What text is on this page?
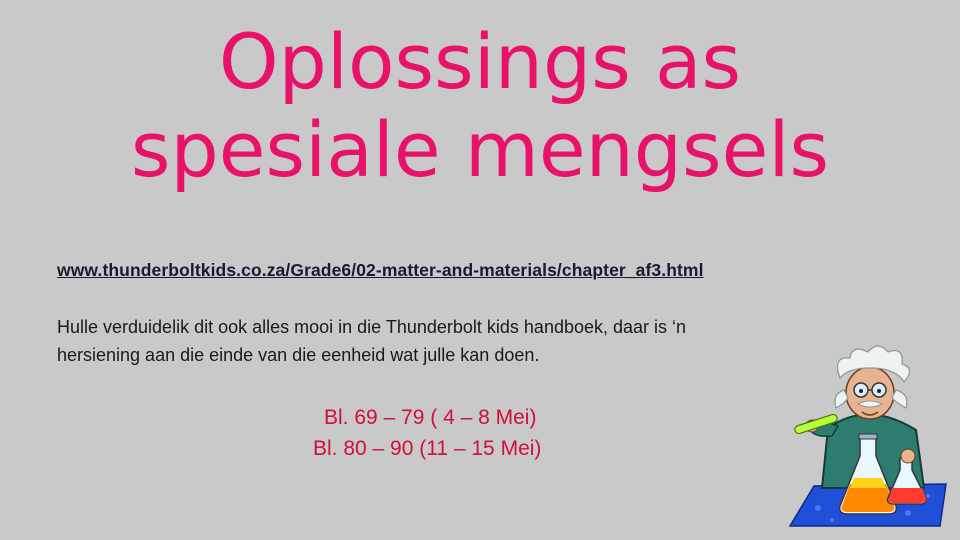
Oplossings as
spesiale mengsels
www.thunderboltkids.co.za/Grade6/02-matter-and-materials/chapter_af3.html
Hulle verduidelik dit ook alles mooi in die Thunderbolt kids handboek, daar is ‘n
hersiening aan die einde van die eenheid wat julle kan doen.
Bl. 69 – 79 ( 4 – 8 Mei)
Bl. 80 – 90 (11 – 15 Mei)
